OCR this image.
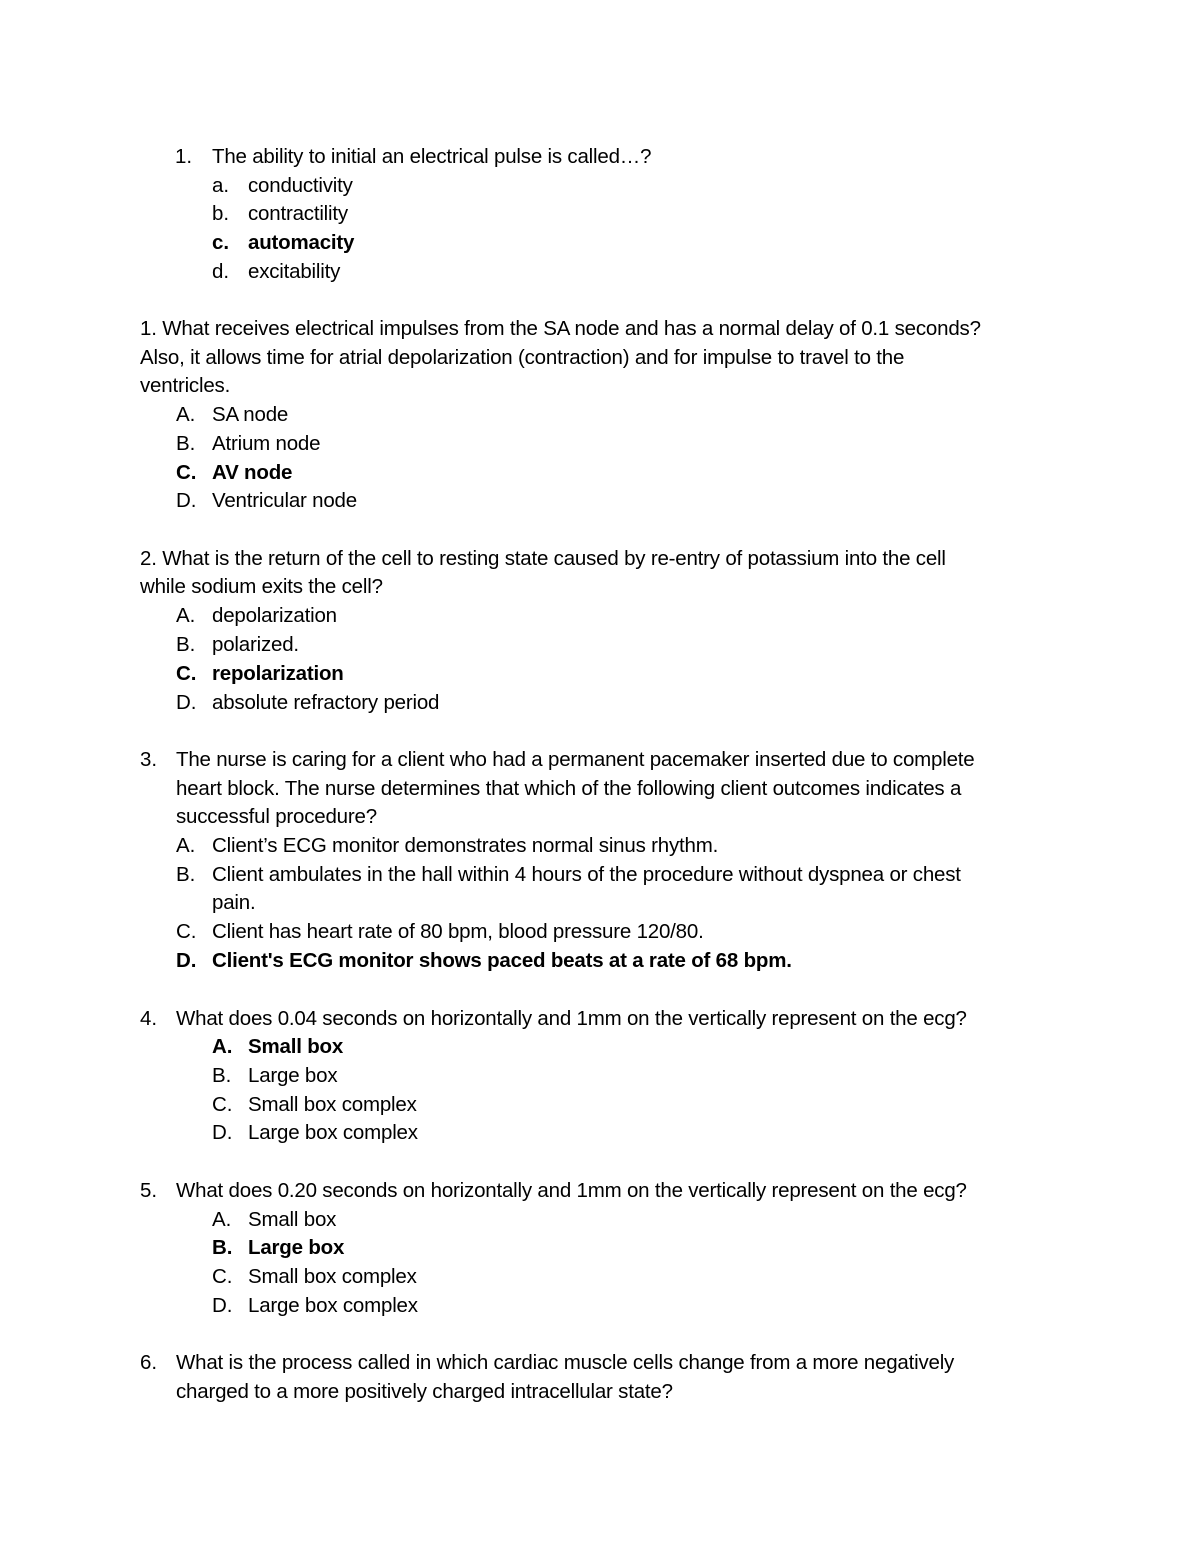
1. The ability to initial an electrical pulse is called…?
a. conductivity
b. contractility
c. automacity
d. excitability
1. What receives electrical impulses from the SA node and has a normal delay of 0.1 seconds?
Also, it allows time for atrial depolarization (contraction) and for impulse to travel to the
ventricles.
A. SA node
B. Atrium node
C. AV node
D. Ventricular node
2. What is the return of the cell to resting state caused by re-entry of potassium into the cell
while sodium exits the cell?
A. depolarization
B. polarized.
C. repolarization
D. absolute refractory period
3. The nurse is caring for a client who had a permanent pacemaker inserted due to complete
heart block. The nurse determines that which of the following client outcomes indicates a
successful procedure?
A. Client’s ECG monitor demonstrates normal sinus rhythm.
B. Client ambulates in the hall within 4 hours of the procedure without dyspnea or chest
pain.
C. Client has heart rate of 80 bpm, blood pressure 120/80.
D. Client's ECG monitor shows paced beats at a rate of 68 bpm.
4. What does 0.04 seconds on horizontally and 1mm on the vertically represent on the ecg?
A. Small box
B. Large box
C. Small box complex
D. Large box complex
5. What does 0.20 seconds on horizontally and 1mm on the vertically represent on the ecg?
A. Small box
B. Large box
C. Small box complex
D. Large box complex
6. What is the process called in which cardiac muscle cells change from a more negatively
charged to a more positively charged intracellular state?
